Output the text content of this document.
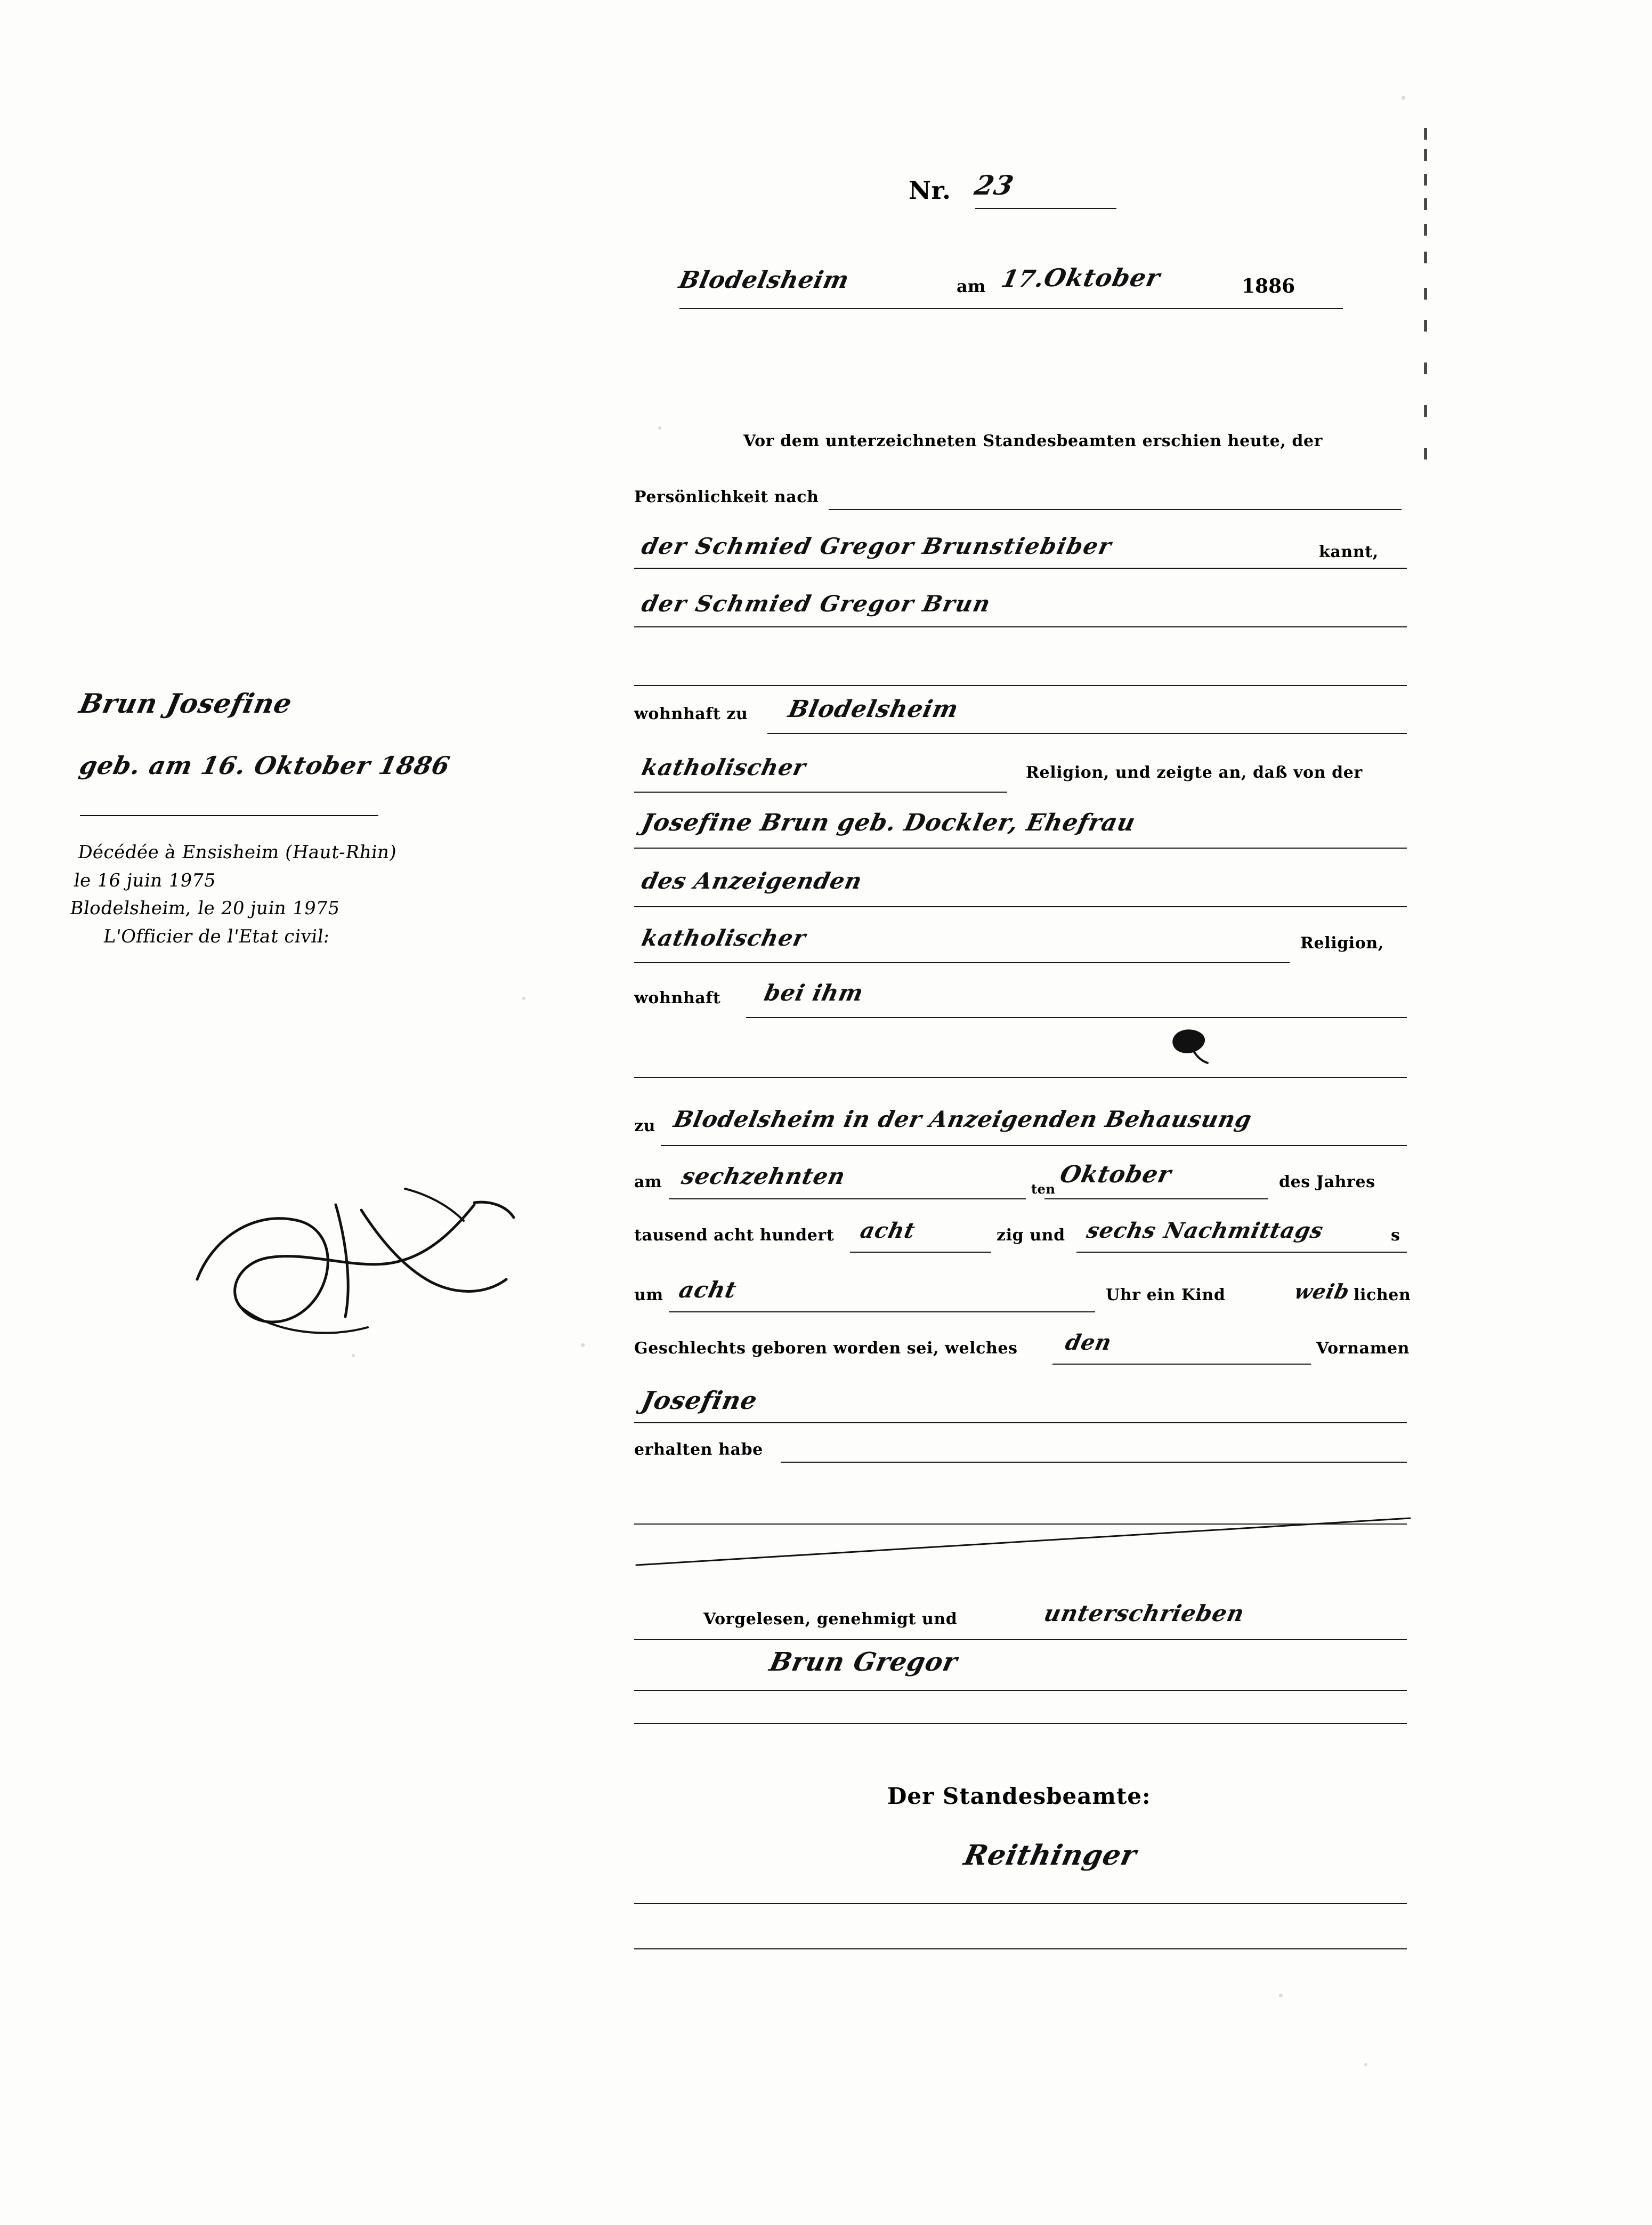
Nr. 23
Blodelsheim	am 17.
Oktober	1886
Vor dem unterzeichneten Standesbeamten erschien heute, der
Persönlichkeit nach
der Schmied Gregor Brunstiebiber	kannt,
der Schmied Gregor Brun
wohnhaft zu Blodelsheim
katholischer	Religion, und zeigte an, daß von der
Josefine Brun geb. Dockler, Ehefrau
des Anzeigenden
katholischer	Religion,
wohnhaft bei ihm
zu Blodelsheim in der Anzeigenden Behausung
am sechzehnten	ten
Oktober	des Jahres
tausend acht hundert acht	zig und sechs Nachmittags	s
um acht	Uhr ein Kind	weib lichen
Geschlechts geboren worden sei, welches den	Vornamen
Josefine
erhalten habe
Vorgelesen, genehmigt und	unterschrieben
Brun Gregor
Der Standesbeamte:
Reithinger
Brun Josefine
geb. am 16. Oktober 1886
Décédée à Ensisheim (Haut-Rhin)
le 16 juin 1975
Blodelsheim, le 20 juin 1975
L'Officier de l'Etat civil:
